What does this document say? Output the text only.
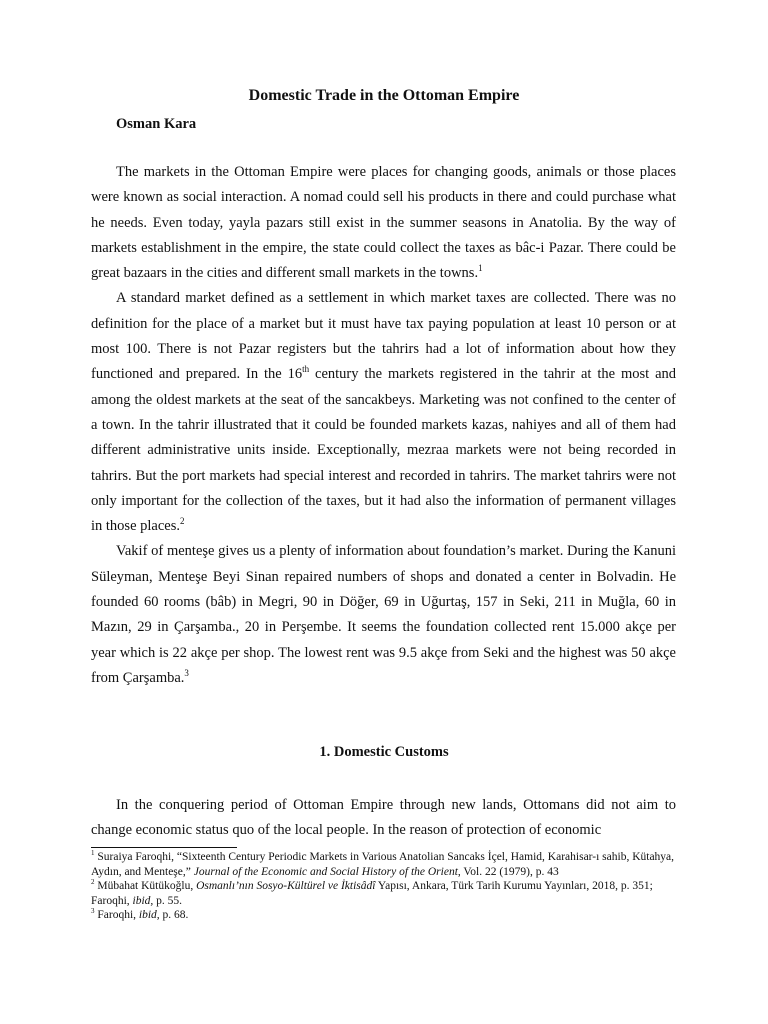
Domestic Trade in the Ottoman Empire
Osman Kara

The markets in the Ottoman Empire were places for changing goods, animals or those places were known as social interaction. A nomad could sell his products in there and could purchase what he needs. Even today, yayla pazars still exist in the summer seasons in Anatolia. By the way of markets establishment in the empire, the state could collect the taxes as bâc-i Pazar. There could be great bazaars in the cities and different small markets in the towns.$^1$

A standard market defined as a settlement in which market taxes are collected. There was no definition for the place of a market but it must have tax paying population at least 10 person or at most 100. There is not Pazar registers but the tahrirs had a lot of information about how they functioned and prepared. In the 16th century the markets registered in the tahrir at the most and among the oldest markets at the seat of the sancakbeys. Marketing was not confined to the center of a town. In the tahrir illustrated that it could be founded markets kazas, nahiyes and all of them had different administrative units inside. Exceptionally, mezraa markets were not being recorded in tahrirs. But the port markets had special interest and recorded in tahrirs. The market tahrirs were not only important for the collection of the taxes, but it had also the information of permanent villages in those places.$^2$

Vakif of menteşe gives us a plenty of information about foundation’s market. During the Kanuni Süleyman, Menteşe Beyi Sinan repaired numbers of shops and donated a center in Bolvadin. He founded 60 rooms (bâb) in Megri, 90 in Döğer, 69 in Uğurtaş, 157 in Seki, 211 in Muğla, 60 in Mazın, 29 in Çarşamba., 20 in Perşembe. It seems the foundation collected rent 15.000 akçe per year which is 22 akçe per shop. The lowest rent was 9.5 akçe from Seki and the highest was 50 akçe from Çarşamba.$^3$

1. Domestic Customs

In the conquering period of Ottoman Empire through new lands, Ottomans did not aim to change economic status quo of the local people. In the reason of protection of economic

$^1$ Suraiya Faroqhi, “Sixteenth Century Periodic Markets in Various Anatolian Sancaks İçel, Hamid, Karahisar-ı sahib, Kütahya, Aydın, and Menteşe,” Journal of the Economic and Social History of the Orient, Vol. 22 (1979), p. 43

$^2$ Mübahat Kütükoğlu, Osmanlı’nın Sosyo-Kültürel ve İktisâdî Yapısı, Ankara, Türk Tarih Kurumu Yayınları, 2018, p. 351; Faroqhi, ibid, p. 55.

$^3$ Faroqhi, ibid, p. 68.
